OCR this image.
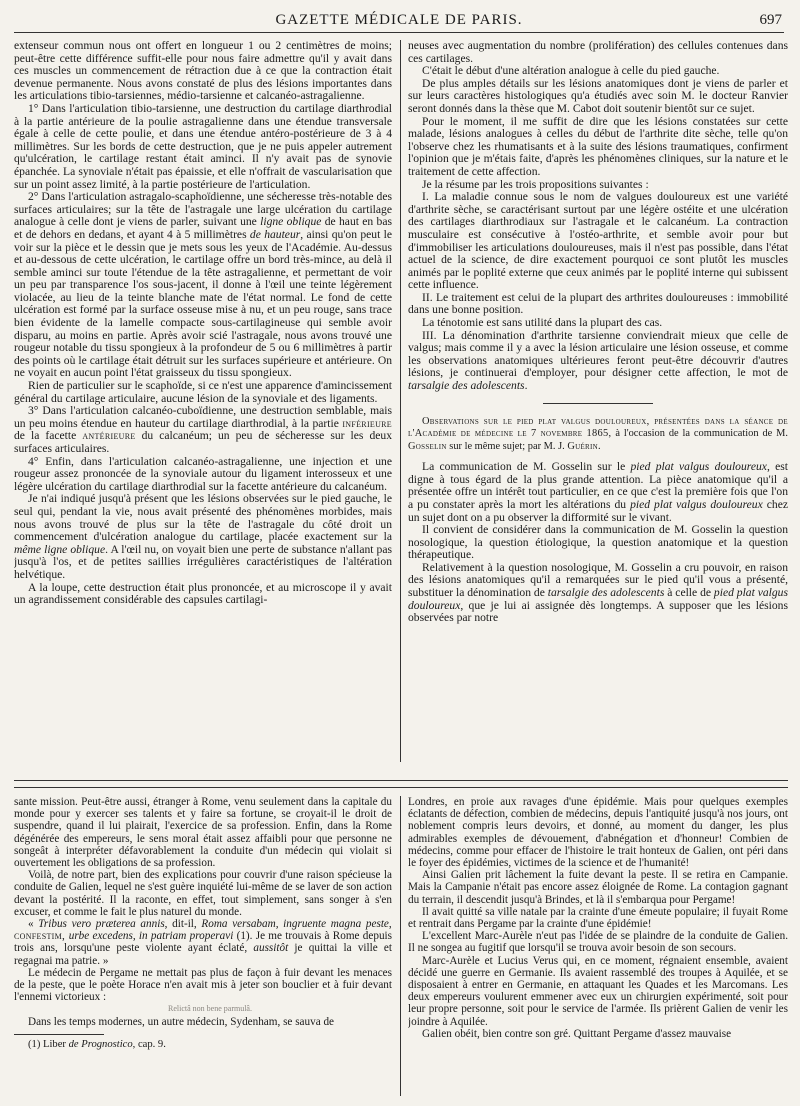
GAZETTE MÉDICALE DE PARIS.	697

extenseur commun nous ont offert en longueur 1 ou 2 centimètres de moins; peut-être cette différence suffit-elle pour nous faire admettre qu'il y avait dans ces muscles un commencement de rétraction due à ce que la contraction était devenue permanente. Nous avons constaté de plus des lésions importantes dans les articulations tibio-tarsiennes, médio-tarsienne et calcanéo-astragalienne.

1° Dans l'articulation tibio-tarsienne, une destruction du cartilage diarthrodial à la partie antérieure de la poulie astragalienne dans une étendue transversale égale à celle de cette poulie, et dans une étendue antéro-postérieure de 3 à 4 millimètres. Sur les bords de cette destruction, que je ne puis appeler autrement qu'ulcération, le cartilage restant était aminci. Il n'y avait pas de synovie épanchée. La synoviale n'était pas épaissie, et elle n'offrait de vascularisation que sur un point assez limité, à la partie postérieure de l'articulation.

2° Dans l'articulation astragalo-scaphoïdienne, une sécheresse très-notable des surfaces articulaires; sur la tête de l'astragale une large ulcération du cartilage analogue à celle dont je viens de parler, suivant une ligne oblique de haut en bas et de dehors en dedans, et ayant 4 à 5 millimètres de hauteur, ainsi qu'on peut le voir sur la pièce et le dessin que je mets sous les yeux de l'Académie. Au-dessus et au-dessous de cette ulcération, le cartilage offre un bord très-mince, au delà il semble aminci sur toute l'étendue de la tête astragalienne, et permettant de voir un peu par transparence l'os sous-jacent, il donne à l'œil une teinte légèrement violacée, au lieu de la teinte blanche mate de l'état normal. Le fond de cette ulcération est formé par la surface osseuse mise à nu, et un peu rouge, sans trace bien évidente de la lamelle compacte sous-cartilagineuse qui semble avoir disparu, au moins en partie. Après avoir scié l'astragale, nous avons trouvé une rougeur notable du tissu spongieux à la profondeur de 5 ou 6 millimètres à partir des points où le cartilage était détruit sur les surfaces supérieure et antérieure. On ne voyait en aucun point l'état graisseux du tissu spongieux.

Rien de particulier sur le scaphoïde, si ce n'est une apparence d'amincissement général du cartilage articulaire, aucune lésion de la synoviale et des ligaments.

3° Dans l'articulation calcanéo-cuboïdienne, une destruction semblable, mais un peu moins étendue en hauteur du cartilage diarthrodial, à la partie inférieure de la facette antérieure du calcanéum; un peu de sécheresse sur les deux surfaces articulaires.

4° Enfin, dans l'articulation calcanéo-astragalienne, une injection et une rougeur assez prononcée de la synoviale autour du ligament interosseux et une légère ulcération du cartilage diarthrodial sur la facette antérieure du calcanéum.

Je n'ai indiqué jusqu'à présent que les lésions observées sur le pied gauche, le seul qui, pendant la vie, nous avait présenté des phénomènes morbides, mais nous avons trouvé de plus sur la tête de l'astragale du côté droit un commencement d'ulcération analogue du cartilage, placée exactement sur la même ligne oblique. A l'œil nu, on voyait bien une perte de substance n'allant pas jusqu'à l'os, et de petites saillies irrégulières caractéristiques de l'altération helvétique.

A la loupe, cette destruction était plus prononcée, et au microscope il y avait un agrandissement considérable des capsules cartilagi-

neuses avec augmentation du nombre (prolifération) des cellules contenues dans ces cartilages.

C'était le début d'une altération analogue à celle du pied gauche.

De plus amples détails sur les lésions anatomiques dont je viens de parler et sur leurs caractères histologiques qu'a étudiés avec soin M. le docteur Ranvier seront donnés dans la thèse que M. Cabot doit soutenir bientôt sur ce sujet.

Pour le moment, il me suffit de dire que les lésions constatées sur cette malade, lésions analogues à celles du début de l'arthrite dite sèche, telle qu'on l'observe chez les rhumatisants et à la suite des lésions traumatiques, confirment l'opinion que je m'étais faite, d'après les phénomènes cliniques, sur la nature et le traitement de cette affection.

Je la résume par les trois propositions suivantes :

I. La maladie connue sous le nom de valgues douloureux est une variété d'arthrite sèche, se caractérisant surtout par une légère ostéite et une ulcération des cartilages diarthrodiaux sur l'astragale et le calcanéum. La contraction musculaire est consécutive à l'ostéo-arthrite, et semble avoir pour but d'immobiliser les articulations douloureuses, mais il n'est pas possible, dans l'état actuel de la science, de dire exactement pourquoi ce sont plutôt les muscles animés par le poplité externe que ceux animés par le poplité interne qui subissent cette influence.

II. Le traitement est celui de la plupart des arthrites douloureuses : immobilité dans une bonne position.

La ténotomie est sans utilité dans la plupart des cas.

III. La dénomination d'arthrite tarsienne conviendrait mieux que celle de valgus; mais comme il y a avec la lésion articulaire une lésion osseuse, et comme les observations anatomiques ultérieures feront peut-être découvrir d'autres lésions, je continuerai d'employer, pour désigner cette affection, le mot de tarsalgie des adolescents.

Observations sur le pied plat valgus douloureux, présentées dans la séance de l'Académie de médecine le 7 novembre 1865, à l'occasion de la communication de M. Gosselin sur le même sujet; par M. J. Guérin.

La communication de M. Gosselin sur le pied plat valgus douloureux, est digne à tous égard de la plus grande attention. La pièce anatomique qu'il a présentée offre un intérêt tout particulier, en ce que c'est la première fois que l'on a pu constater après la mort les altérations du pied plat valgus douloureux chez un sujet dont on a pu observer la difformité sur le vivant.

Il convient de considérer dans la communication de M. Gosselin la question nosologique, la question étiologique, la question anatomique et la question thérapeutique.

Relativement à la question nosologique, M. Gosselin a cru pouvoir, en raison des lésions anatomiques qu'il a remarquées sur le pied qu'il vous a présenté, substituer la dénomination de tarsalgie des adolescents à celle de pied plat valgus douloureux, que je lui ai assignée dès longtemps. A supposer que les lésions observées par notre

sante mission. Peut-être aussi, étranger à Rome, venu seulement dans la capitale du monde pour y exercer ses talents et y faire sa fortune, se croyait-il le droit de suspendre, quand il lui plairait, l'exercice de sa profession. Enfin, dans la Rome dégénérée des empereurs, le sens moral était assez affaibli pour que personne ne songeât à interpréter défavorablement la conduite d'un médecin qui violait si ouvertement les obligations de sa profession.

Voilà, de notre part, bien des explications pour couvrir d'une raison spécieuse la conduite de Galien, lequel ne s'est guère inquiété lui-même de se laver de son action devant la postérité. Il la raconte, en effet, tout simplement, sans songer à s'en excuser, et comme le fait le plus naturel du monde.

« Tribus vero præterea annis, dit-il, Roma versabam, ingruente magna peste, confestim, urbe excedens, in patriam properavi (1). Je me trouvais à Rome depuis trois ans, lorsqu'une peste violente ayant éclaté, aussitôt je quittai la ville et regagnai ma patrie. »

Le médecin de Pergame ne mettait pas plus de façon à fuir devant les menaces de la peste, que le poète Horace n'en avait mis à jeter son bouclier et à fuir devant l'ennemi victorieux :

Relictâ non bene parmulâ.

Dans les temps modernes, un autre médecin, Sydenham, se sauva de

(1) Liber de Prognostico, cap. 9.

Londres, en proie aux ravages d'une épidémie. Mais pour quelques exemples éclatants de défection, combien de médecins, depuis l'antiquité jusqu'à nos jours, ont noblement compris leurs devoirs, et donné, au moment du danger, les plus admirables exemples de dévouement, d'abnégation et d'honneur! Combien de médecins, comme pour effacer de l'histoire le trait honteux de Galien, ont péri dans le foyer des épidémies, victimes de la science et de l'humanité!

Ainsi Galien prit lâchement la fuite devant la peste. Il se retira en Campanie. Mais la Campanie n'était pas encore assez éloignée de Rome. La contagion gagnant du terrain, il descendit jusqu'à Brindes, et là il s'embarqua pour Pergame!

Il avait quitté sa ville natale par la crainte d'une émeute populaire; il fuyait Rome et rentrait dans Pergame par la crainte d'une épidémie!

L'excellent Marc-Aurèle n'eut pas l'idée de se plaindre de la conduite de Galien. Il ne songea au fugitif que lorsqu'il se trouva avoir besoin de son secours.

Marc-Aurèle et Lucius Verus qui, en ce moment, régnaient ensemble, avaient décidé une guerre en Germanie. Ils avaient rassemblé des troupes à Aquilée, et se disposaient à entrer en Germanie, en attaquant les Quades et les Marcomans. Les deux empereurs voulurent emmener avec eux un chirurgien expérimenté, soit pour leur propre personne, soit pour le service de l'armée. Ils prièrent Galien de venir les joindre à Aquilée.

Galien obéit, bien contre son gré. Quittant Pergame d'assez mauvaise
